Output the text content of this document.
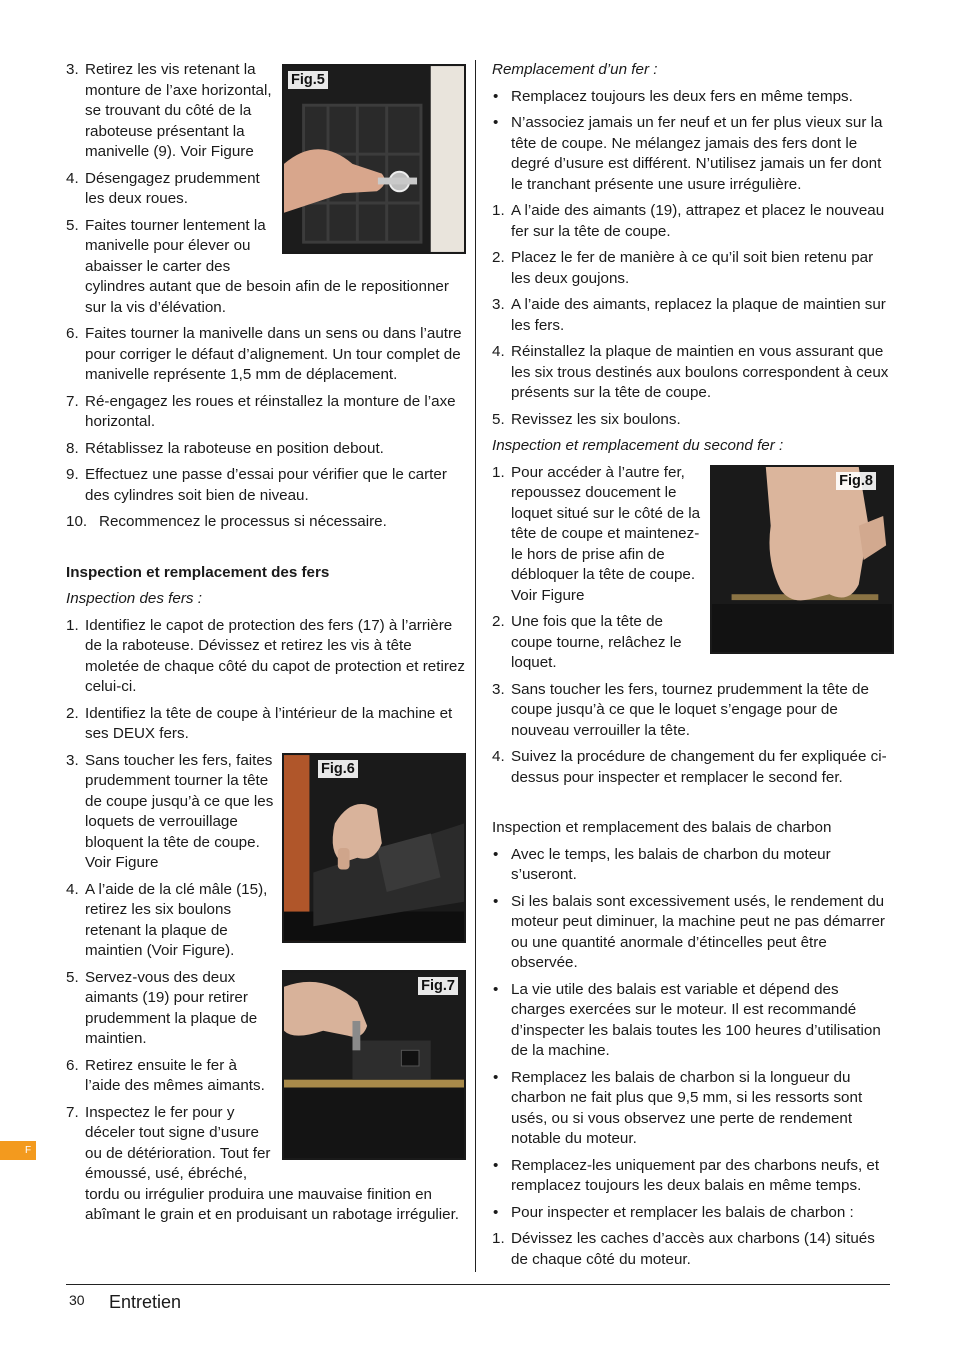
Fig.5
3. Retirez les vis retenant la monture de l’axe horizontal, se trouvant du côté de la raboteuse présentant la manivelle (9). Voir Figure
4. Désengagez prudemment les deux roues.
5. Faites tourner lentement la manivelle pour élever ou abaisser le carter des cylindres autant que de besoin afin de le repositionner sur la vis d’élévation.
6. Faites tourner la manivelle dans un sens ou dans l’autre pour corriger le défaut d’alignement. Un tour complet de manivelle représente 1,5 mm de déplacement.
7. Ré-engagez les roues et réinstallez la monture de l’axe horizontal.
8. Rétablissez la raboteuse en position debout.
9. Effectuez une passe d’essai pour vérifier que le carter des cylindres soit bien de niveau.
10. Recommencez le processus si nécessaire.
Inspection et remplacement des fers
Inspection des fers :
1. Identifiez le capot de protection des fers (17) à l’arrière de la raboteuse. Dévissez et retirez les vis à tête moletée de chaque côté du capot de protection et retirez celui-ci.
2. Identifiez la tête de coupe à l’intérieur de la machine et ses DEUX fers.
Fig.6
3. Sans toucher les fers, faites prudemment tourner la tête de coupe jusqu’à ce que les loquets de verrouillage bloquent la tête de coupe. Voir Figure
4. A l’aide de la clé mâle (15), retirez les six boulons retenant la plaque de maintien (Voir Figure).
Fig.7
5. Servez-vous des deux aimants (19) pour retirer prudemment la plaque de maintien.
6. Retirez ensuite le fer à l’aide des mêmes aimants.
7. Inspectez le fer pour y déceler tout signe d’usure ou de détérioration. Tout fer émoussé, usé, ébréché, tordu ou irrégulier produira une mauvaise finition en abîmant le grain et en produisant un rabotage irrégulier.
Remplacement d’un fer :
• Remplacez toujours les deux fers en même temps.
• N’associez jamais un fer neuf et un fer plus vieux sur la tête de coupe. Ne mélangez jamais des fers dont le degré d’usure est différent. N’utilisez jamais un fer dont le tranchant présente une usure irrégulière.
1. A l’aide des aimants (19), attrapez et placez le nouveau fer sur la tête de coupe.
2. Placez le fer de manière à ce qu’il soit bien retenu par les deux goujons.
3. A l’aide des aimants, replacez la plaque de maintien sur les fers.
4. Réinstallez la plaque de maintien en vous assurant que les six trous destinés aux boulons correspondent à ceux présents sur la tête de coupe.
5. Revissez les six boulons.
Inspection et remplacement du second fer :
Fig.8
1. Pour accéder à l’autre fer, repoussez doucement le loquet situé sur le côté de la tête de coupe et maintenez-le hors de prise afin de débloquer la tête de coupe. Voir Figure
2. Une fois que la tête de coupe tourne, relâchez le loquet.
3. Sans toucher les fers, tournez prudemment la tête de coupe jusqu’à ce que le loquet s’engage pour de nouveau verrouiller la tête.
4. Suivez la procédure de changement du fer expliquée ci-dessus pour inspecter et remplacer le second fer.
Inspection et remplacement des balais de charbon
• Avec le temps, les balais de charbon du moteur s’useront.
• Si les balais sont excessivement usés, le rendement du moteur peut diminuer, la machine peut ne pas démarrer ou une quantité anormale d’étincelles peut être observée.
• La vie utile des balais est variable et dépend des charges exercées sur le moteur. Il est recommandé d’inspecter les balais toutes les 100 heures d’utilisation de la machine.
• Remplacez les balais de charbon si la longueur du charbon ne fait plus que 9,5 mm, si les ressorts sont usés, ou si vous observez une perte de rendement notable du moteur.
• Remplacez-les uniquement par des charbons neufs, et remplacez toujours les deux balais en même temps.
• Pour inspecter et remplacer les balais de charbon :
1. Dévissez les caches d’accès aux charbons (14) situés de chaque côté du moteur.
F
30 Entretien
